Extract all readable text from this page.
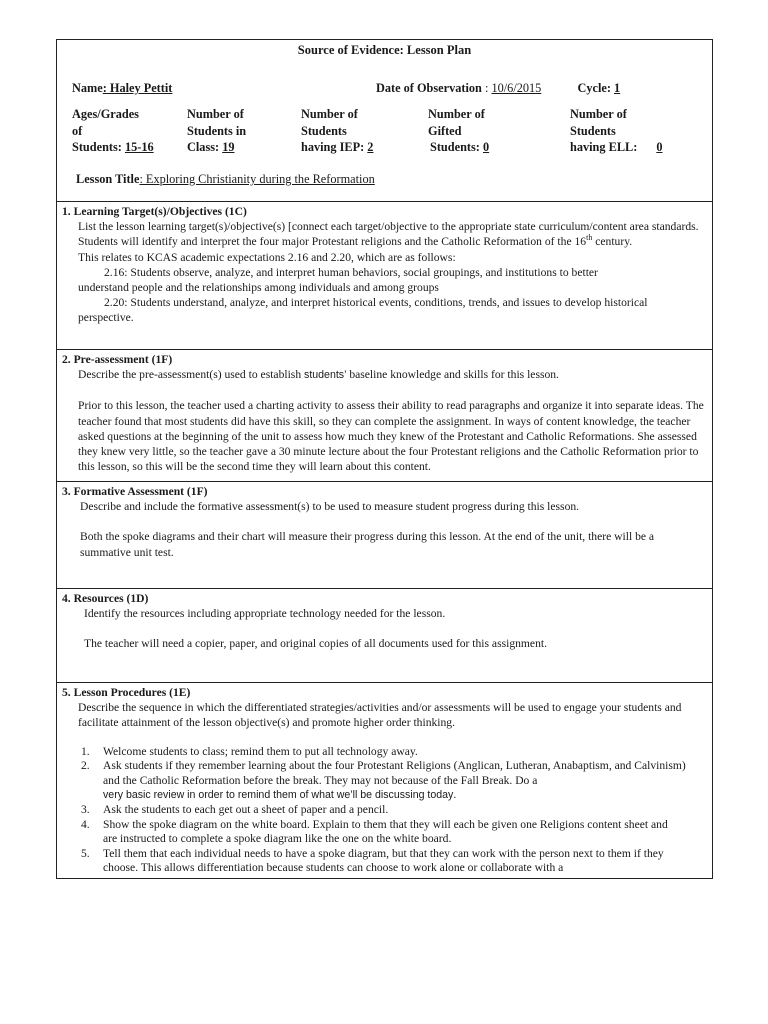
Source of Evidence: Lesson Plan
Name: Haley Pettit	Date of Observation : 10/6/2015	Cycle: 1
Ages/Grades
of
Students: 15-16
Number of
Students in
Class: 19
Number of
Students
having IEP: 2
Number of
Gifted
Students: 0
Number of
Students
having ELL: 0
Lesson Title: Exploring Christianity during the Reformation

1. Learning Target(s)/Objectives (1C)

List the lesson learning target(s)/objective(s) [connect each target/objective to the appropriate state curriculum/content area standards.

Students will identify and interpret the four major Protestant religions and the Catholic Reformation of the 16th century.

This relates to KCAS academic expectations 2.16 and 2.20, which are as follows:

2.16: Students observe, analyze, and interpret human behaviors, social groupings, and institutions to better

understand people and the relationships among individuals and among groups

2.20: Students understand, analyze, and interpret historical events, conditions, trends, and issues to develop historical

perspective.

2. Pre-assessment (1F)

Describe the pre-assessment(s) used to establish students’ baseline knowledge and skills for this lesson.

Prior to this lesson, the teacher used a charting activity to assess their ability to read paragraphs and organize it into separate ideas. The teacher found that most students did have this skill, so they can complete the assignment. In ways of content knowledge, the teacher asked questions at the beginning of the unit to assess how much they knew of the Protestant and Catholic Reformations. She assessed they knew very little, so the teacher gave a 30 minute lecture about the four Protestant religions and the Catholic Reformation prior to this lesson, so this will be the second time they will learn about this content.

3. Formative Assessment (1F)

Describe and include the formative assessment(s) to be used to measure student progress during this lesson.

Both the spoke diagrams and their chart will measure their progress during this lesson. At the end of the unit, there will be a summative unit test.

4. Resources (1D)

Identify the resources including appropriate technology needed for the lesson.

The teacher will need a copier, paper, and original copies of all documents used for this assignment.

5. Lesson Procedures (1E)

Describe the sequence in which the differentiated strategies/activities and/or assessments will be used to engage your students and facilitate attainment of the lesson objective(s) and promote higher order thinking.

1. Welcome students to class; remind them to put all technology away.
2. Ask students if they remember learning about the four Protestant Religions (Anglican, Lutheran, Anabaptism, and Calvinism) and the Catholic Reformation before the break. They may not because of the Fall Break. Do a
very basic review in order to remind them of what we’ll be discussing today.
3. Ask the students to each get out a sheet of paper and a pencil.
4. Show the spoke diagram on the white board. Explain to them that they will each be given one Religions content sheet and are instructed to complete a spoke diagram like the one on the white board.
5. Tell them that each individual needs to have a spoke diagram, but that they can work with the person next to them if they choose. This allows differentiation because students can choose to work alone or collaborate with a
